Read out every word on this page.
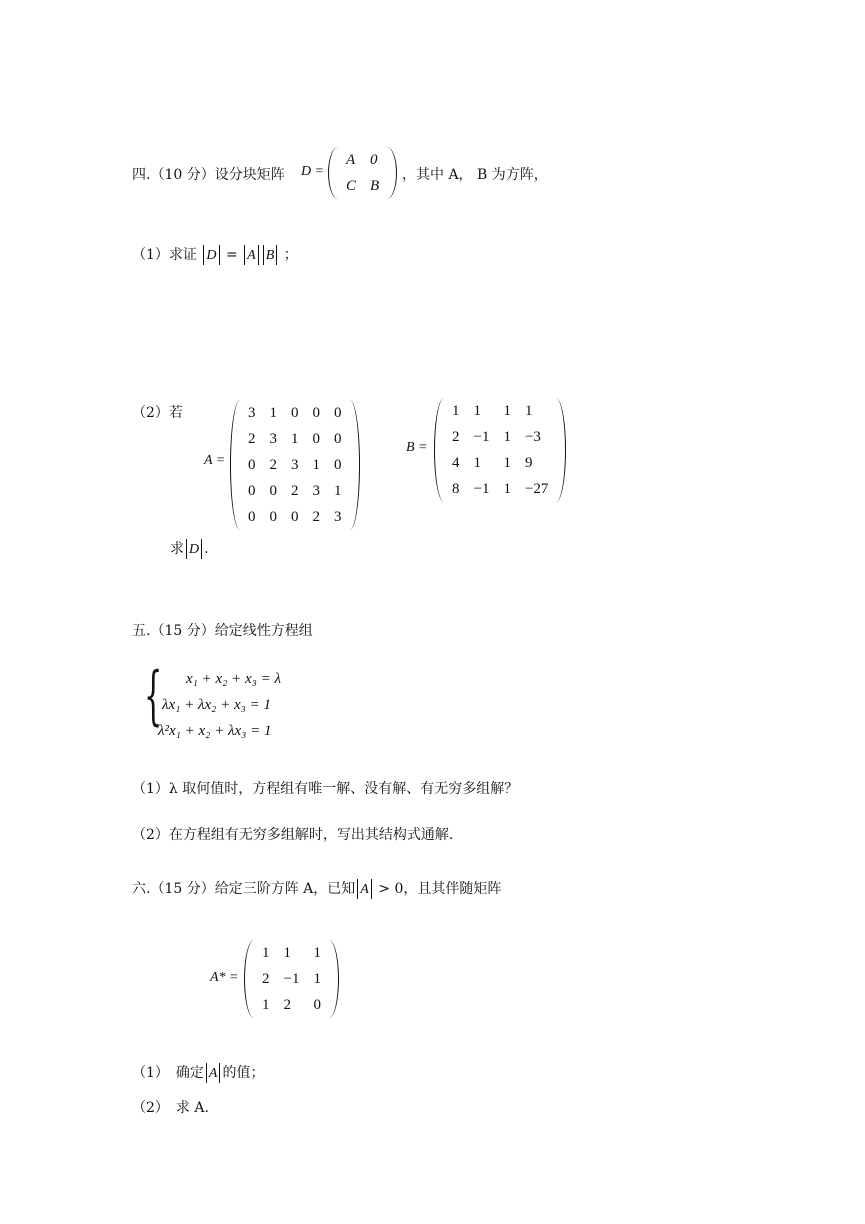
四.（10 分）设分块矩阵 D =
A	0
C	B
，其中 A， B 为方阵，
（1）求证 D = A B ；
（2）若
A =
3	1	0	0	0
2	3	1	0	0
0	2	3	1	0
0	0	2	3	1
0	0	0	2	3
B =
1	1	1	1
2	−1	1	−3
4	1	1	9
8	−1	1	−27
求 D .
五.（15 分）给定线性方程组
{ x₁ + x₂ + x₃ = λ
λx₁ + λx₂ + x₃ = 1
λ²x₁ + x₂ + λx₃ = 1
（1）λ 取何值时，方程组有唯一解、没有解、有无穷多组解？
（2）在方程组有无穷多组解时，写出其结构式通解.
六.（15 分）给定三阶方阵 A，已知 A > 0，且其伴随矩阵
A* =
1	1	1
2	−1	1
1	2	0
（1）　确定 A 的值；
（2）　求 A.
